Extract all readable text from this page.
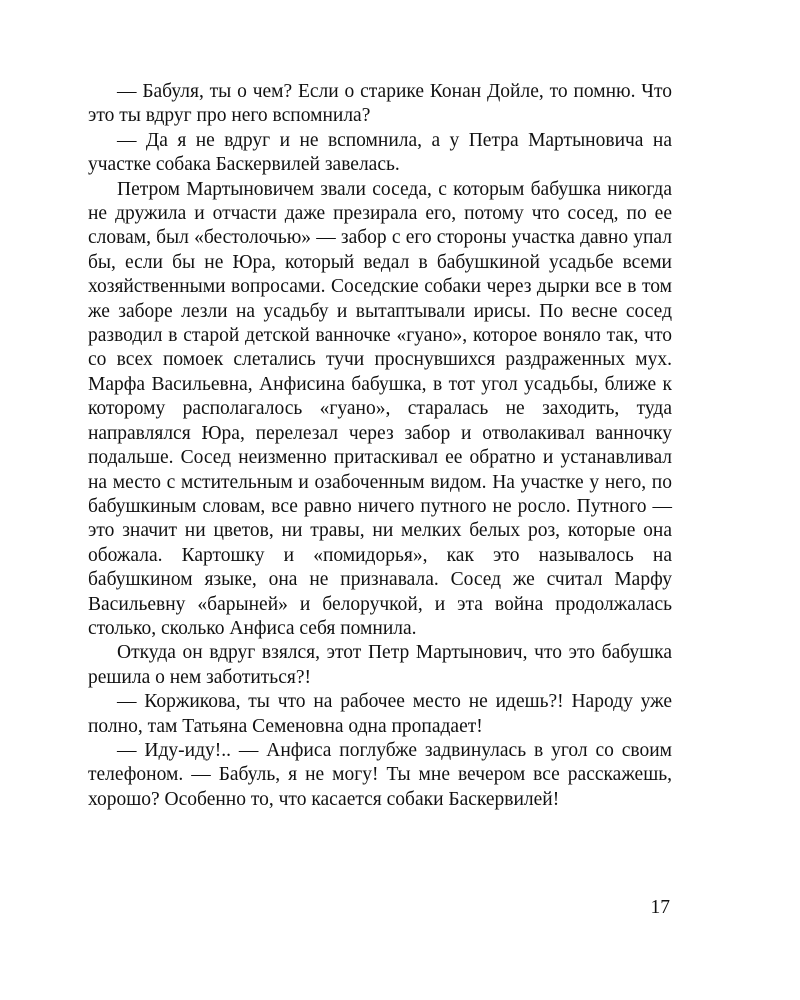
— Бабуля, ты о чем? Если о старике Конан Дойле, то помню. Что это ты вдруг про него вспомнила?

— Да я не вдруг и не вспомнила, а у Петра Мартыновича на участке собака Баскервилей завелась.

Петром Мартыновичем звали соседа, с которым бабушка никогда не дружила и отчасти даже презирала его, потому что сосед, по ее словам, был «бестолочью» — забор с его стороны участка давно упал бы, если бы не Юра, который ведал в бабушкиной усадьбе всеми хозяйственными вопросами. Соседские собаки через дырки все в том же заборе лезли на усадьбу и вытаптывали ирисы. По весне сосед разводил в старой детской ванночке «гуано», которое воняло так, что со всех помоек слетались тучи проснувшихся раздраженных мух. Марфа Васильевна, Анфисина бабушка, в тот угол усадьбы, ближе к которому располагалось «гуано», старалась не заходить, туда направлялся Юра, перелезал через забор и отволакивал ванночку подальше. Сосед неизменно притаскивал ее обратно и устанавливал на место с мстительным и озабоченным видом. На участке у него, по бабушкиным словам, все равно ничего путного не росло. Путного — это значит ни цветов, ни травы, ни мелких белых роз, которые она обожала. Картошку и «помидорья», как это называлось на бабушкином языке, она не признавала. Сосед же считал Марфу Васильевну «барыней» и белоручкой, и эта война продолжалась столько, сколько Анфиса себя помнила.

Откуда он вдруг взялся, этот Петр Мартынович, что это бабушка решила о нем заботиться?!

— Коржикова, ты что на рабочее место не идешь?! Народу уже полно, там Татьяна Семеновна одна пропадает!

— Иду-иду!.. — Анфиса поглубже задвинулась в угол со своим телефоном. — Бабуль, я не могу! Ты мне вечером все расскажешь, хорошо? Особенно то, что касается собаки Баскервилей!

17
